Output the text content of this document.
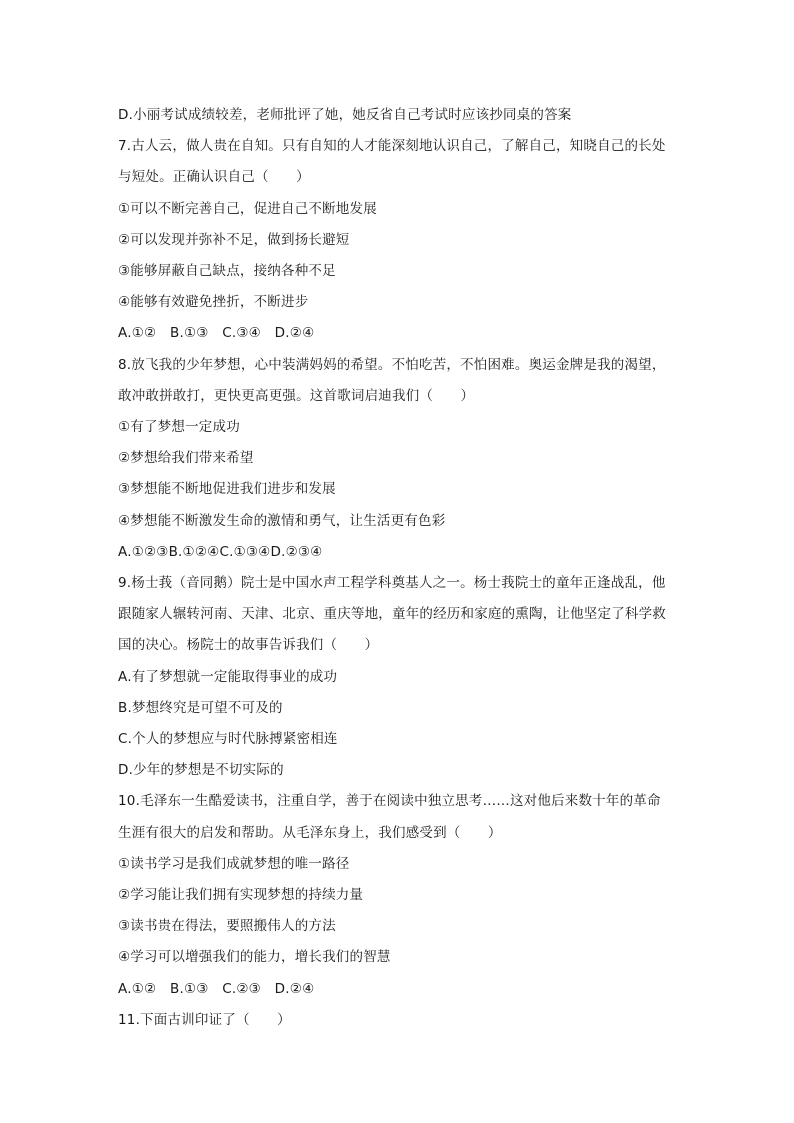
D.小丽考试成绩较差，老师批评了她，她反省自己考试时应该抄同桌的答案
7.古人云，做人贵在自知。只有自知的人才能深刻地认识自己，了解自己，知晓自己的长处
与短处。正确认识自己（　　）
①可以不断完善自己，促进自己不断地发展
②可以发现并弥补不足，做到扬长避短
③能够屏蔽自己缺点，接纳各种不足
④能够有效避免挫折，不断进步
A.①②　B.①③　C.③④　D.②④
8.放飞我的少年梦想，心中装满妈妈的希望。不怕吃苦，不怕困难。奥运金牌是我的渴望，
敢冲敢拼敢打，更快更高更强。这首歌词启迪我们（　　）
①有了梦想一定成功
②梦想给我们带来希望
③梦想能不断地促进我们进步和发展
④梦想能不断激发生命的激情和勇气，让生活更有色彩
A.①②③B.①②④C.①③④D.②③④
9.杨士莪（音同鹅）院士是中国水声工程学科奠基人之一。杨士莪院士的童年正逢战乱，他
跟随家人辗转河南、天津、北京、重庆等地，童年的经历和家庭的熏陶，让他坚定了科学救
国的决心。杨院士的故事告诉我们（　　）
A.有了梦想就一定能取得事业的成功
B.梦想终究是可望不可及的
C.个人的梦想应与时代脉搏紧密相连
D.少年的梦想是不切实际的
10.毛泽东一生酷爱读书，注重自学，善于在阅读中独立思考……这对他后来数十年的革命
生涯有很大的启发和帮助。从毛泽东身上，我们感受到（　　）
①读书学习是我们成就梦想的唯一路径
②学习能让我们拥有实现梦想的持续力量
③读书贵在得法，要照搬伟人的方法
④学习可以增强我们的能力，增长我们的智慧
A.①②　B.①③　C.②③　D.②④
11.下面古训印证了（　　）
